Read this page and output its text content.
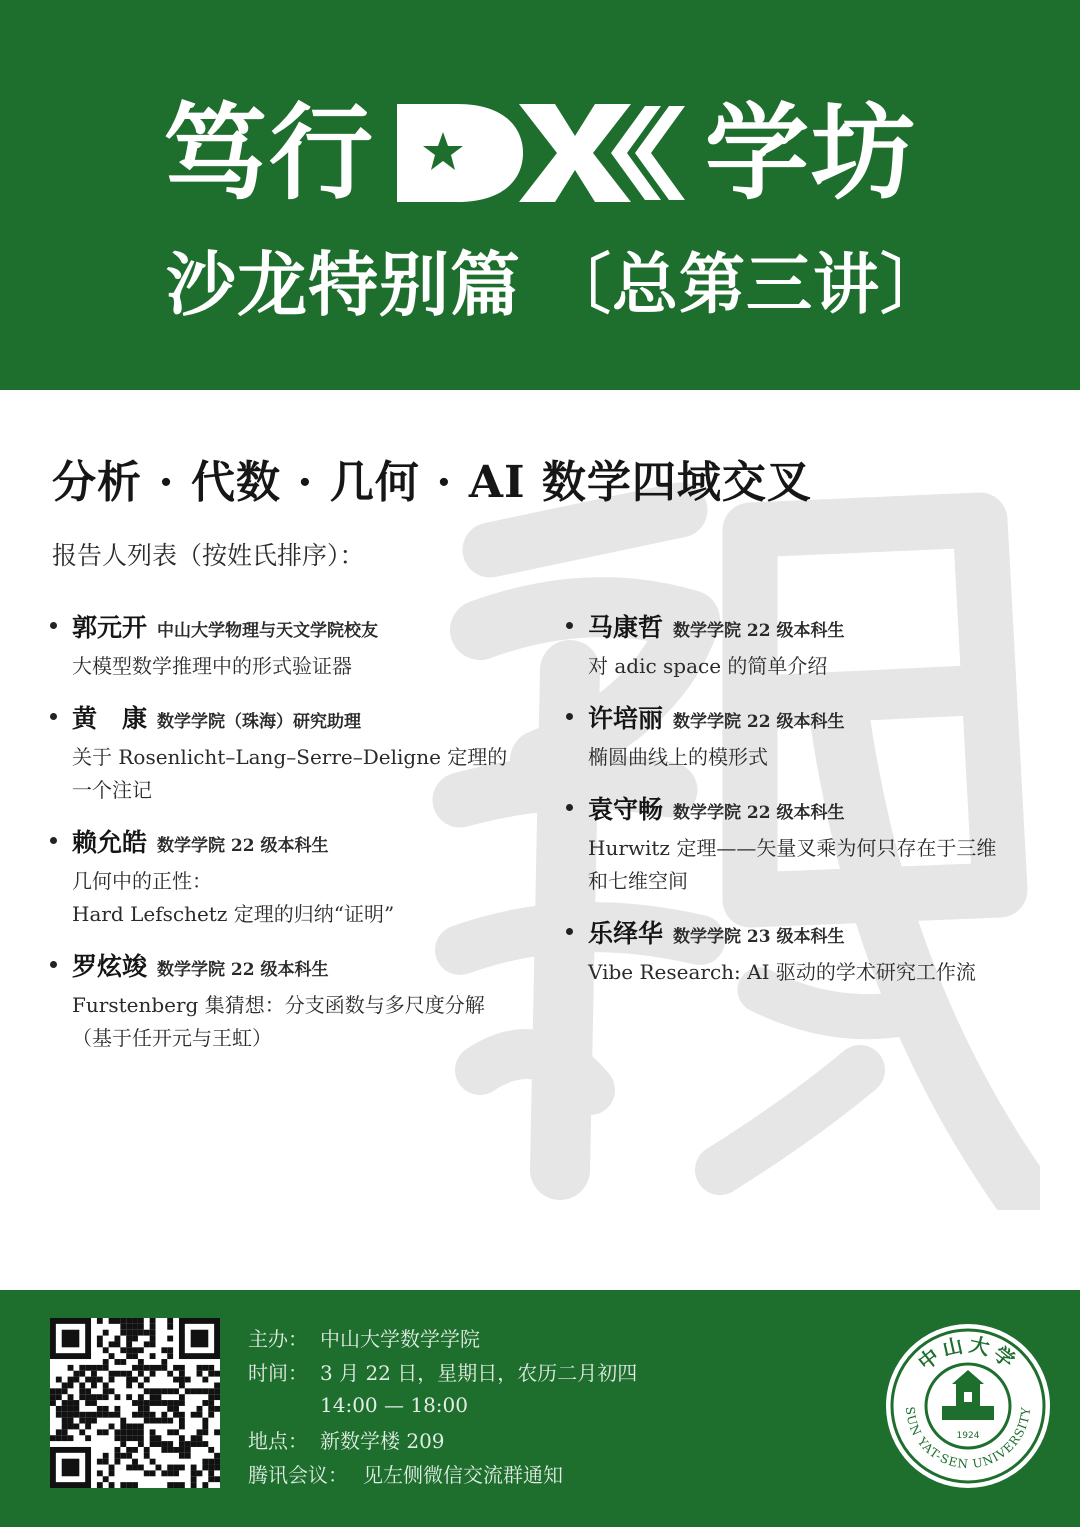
笃行	学坊
沙龙特别篇 〔总第三讲〕
分析 · 代数 · 几何 · AI 数学四域交叉
报告人列表（按姓氏排序）：
郭元开 中山大学物理与天文学院校友
大模型数学推理中的形式验证器
黄　康 数学学院（珠海）研究助理
关于 Rosenlicht–Lang–Serre–Deligne 定理的
一个注记
赖允皓 数学学院 22 级本科生
几何中的正性：
Hard Lefschetz 定理的归纳“证明”
罗炫竣 数学学院 22 级本科生
Furstenberg 集猜想：分支函数与多尺度分解
（基于任开元与王虹）
马康哲 数学学院 22 级本科生
对 adic space 的简单介绍
许培丽 数学学院 22 级本科生
椭圆曲线上的模形式
袁守畅 数学学院 22 级本科生
Hurwitz 定理——矢量叉乘为何只存在于三维
和七维空间
乐绎华 数学学院 23 级本科生
Vibe Research: AI 驱动的学术研究工作流
主办： 中山大学数学学院
时间： 3 月 22 日，星期日，农历二月初四
14:00 — 18:00
地点： 新数学楼 209
腾讯会议： 见左侧微信交流群通知
中山大学
SUN YAT-SEN UNIVERSITY
1924
